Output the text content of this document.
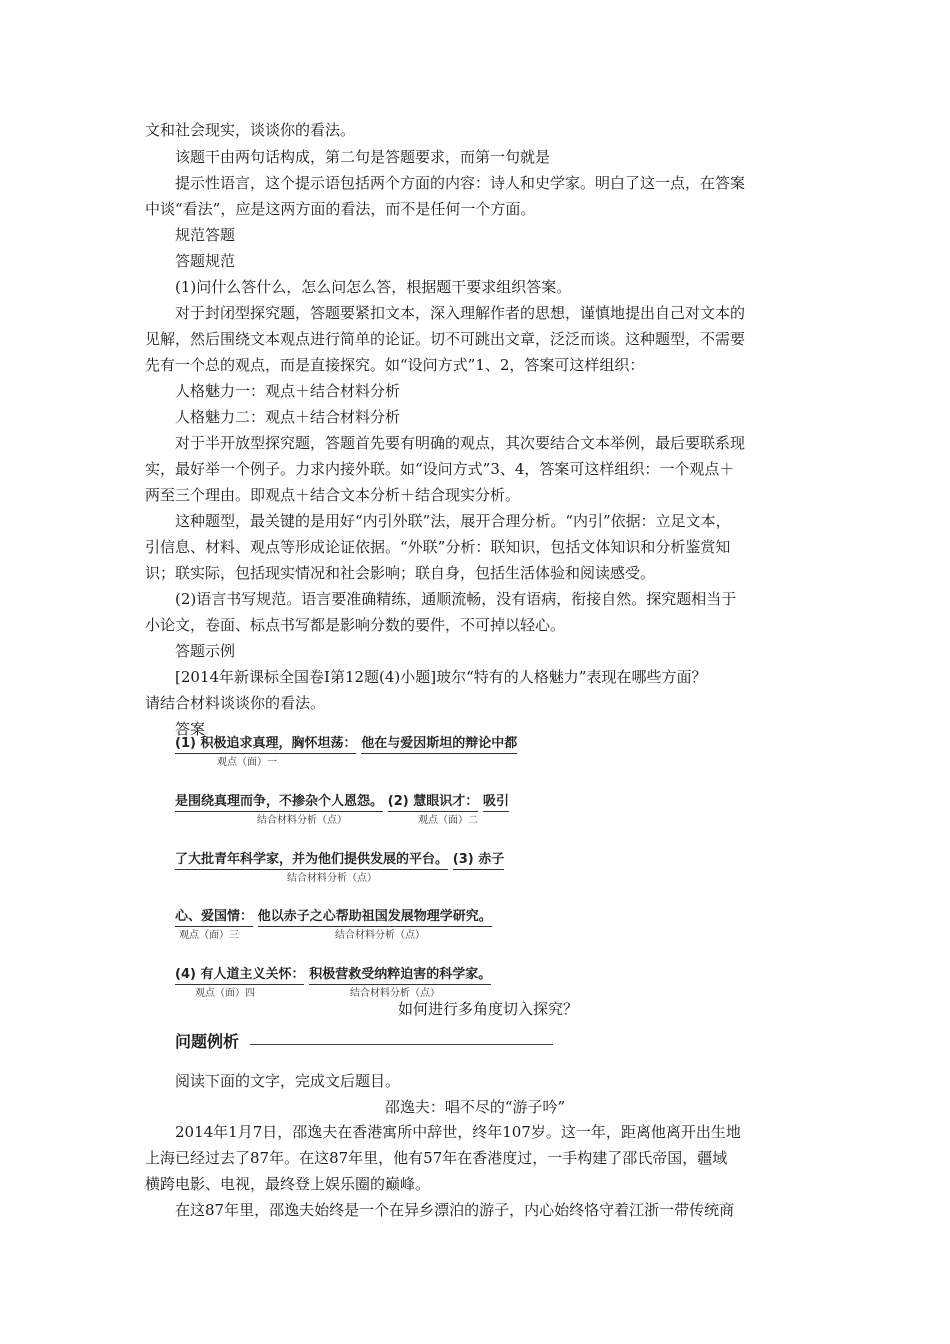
文和社会现实，谈谈你的看法。
该题干由两句话构成，第二句是答题要求，而第一句就是
提示性语言，这个提示语包括两个方面的内容：诗人和史学家。明白了这一点，在答案
中谈“看法”，应是这两方面的看法，而不是任何一个方面。
规范答题
答题规范
(1)问什么答什么，怎么问怎么答，根据题干要求组织答案。
对于封闭型探究题，答题要紧扣文本，深入理解作者的思想，谨慎地提出自己对文本的
见解，然后围绕文本观点进行简单的论证。切不可跳出文章，泛泛而谈。这种题型，不需要
先有一个总的观点，而是直接探究。如“设问方式”1、2，答案可这样组织：
人格魅力一：观点＋结合材料分析
人格魅力二：观点＋结合材料分析
对于半开放型探究题，答题首先要有明确的观点，其次要结合文本举例，最后要联系现
实，最好举一个例子。力求内接外联。如“设问方式”3、4，答案可这样组织：一个观点＋
两至三个理由。即观点＋结合文本分析＋结合现实分析。
这种题型，最关键的是用好“内引外联”法，展开合理分析。“内引”依据：立足文本，
引信息、材料、观点等形成论证依据。“外联”分析：联知识，包括文体知识和分析鉴赏知
识；联实际，包括现实情况和社会影响；联自身，包括生活体验和阅读感受。
(2)语言书写规范。语言要准确精练，通顺流畅，没有语病，衔接自然。探究题相当于
小论文，卷面、标点书写都是影响分数的要件，不可掉以轻心。
答题示例
[2014年新课标全国卷Ⅰ第12题(4)小题]玻尔“特有的人格魅力”表现在哪些方面？
请结合材料谈谈你的看法。
答案
(1) 积极追求真理，胸怀坦荡： 他在与爱因斯坦的辩论中都
观点（面）一
是围绕真理而争，不掺杂个人恩怨。 (2) 慧眼识才： 吸引
结合材料分析（点）	观点（面）二
了大批青年科学家，并为他们提供发展的平台。 (3) 赤子
结合材料分析（点）
心、爱国情： 他以赤子之心帮助祖国发展物理学研究。
观点（面）三	结合材料分析（点）
(4) 有人道主义关怀： 积极营救受纳粹迫害的科学家。
观点（面）四	结合材料分析（点）
如何进行多角度切入探究？
问题例析
阅读下面的文字，完成文后题目。
邵逸夫：唱不尽的“游子吟”
2014年1月7日，邵逸夫在香港寓所中辞世，终年107岁。这一年，距离他离开出生地
上海已经过去了87年。在这87年里，他有57年在香港度过，一手构建了邵氏帝国，疆域
横跨电影、电视，最终登上娱乐圈的巅峰。
在这87年里，邵逸夫始终是一个在异乡漂泊的游子，内心始终恪守着江浙一带传统商
